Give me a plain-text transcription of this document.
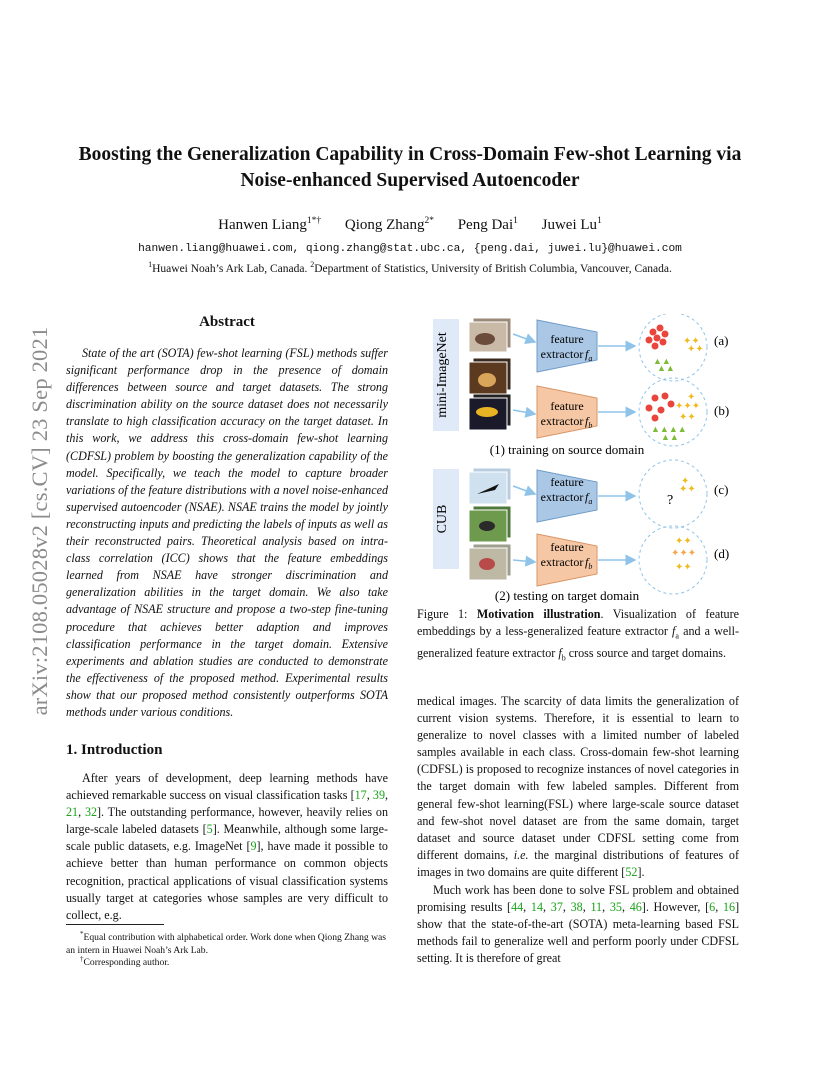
arXiv:2108.05028v2 [cs.CV] 23 Sep 2021
Boosting the Generalization Capability in Cross-Domain Few-shot Learning via
Noise-enhanced Supervised Autoencoder
Hanwen Liang$^{1*\dagger}$ Qiong Zhang$^{2*}$ Peng Dai$^1$ Juwei Lu$^1$
hanwen.liang@huawei.com, qiong.zhang@stat.ubc.ca, {peng.dai, juwei.lu}@huawei.com
$^1$Huawei Noah’s Ark Lab, Canada. $^2$Department of Statistics, University of British Columbia, Vancouver, Canada.
Abstract

State of the art (SOTA) few-shot learning (FSL) methods suffer significant performance drop in the presence of domain differences between source and target datasets. The strong discrimination ability on the source dataset does not necessarily translate to high classification accuracy on the target dataset. In this work, we address this cross-domain few-shot learning (CDFSL) problem by boosting the generalization capability of the model. Specifically, we teach the model to capture broader variations of the feature distributions with a novel noise-enhanced supervised autoencoder (NSAE). NSAE trains the model by jointly reconstructing inputs and predicting the labels of inputs as well as their reconstructed pairs. Theoretical analysis based on intra-class correlation (ICC) shows that the feature embeddings learned from NSAE have stronger discrimination and generalization abilities in the target domain. We also take advantage of NSAE structure and propose a two-step fine-tuning procedure that achieves better adaption and improves classification performance in the target domain. Extensive experiments and ablation studies are conducted to demonstrate the effectiveness of the proposed method. Experimental results show that our proposed method consistently outperforms SOTA methods under various conditions.

1. Introduction

After years of development, deep learning methods have achieved remarkable success on visual classification tasks [17, 39, 21, 32]. The outstanding performance, however, heavily relies on large-scale labeled datasets [5]. Meanwhile, although some large-scale public datasets, e.g. ImageNet [9], have made it possible to achieve better than human performance on common objects recognition, practical applications of visual classification systems usually target at categories whose samples are very difficult to collect, e.g.

*Equal contribution with alphabetical order. Work done when Qiong Zhang was an intern in Huawei Noah’s Ark Lab.

†Corresponding author.

mini-ImageNet
CUB
feature
extractor $f_a$
feature
extractor $f_b$
feature
extractor $f_a$
feature
extractor $f_b$
✦✦
✦✦
▲▲
▲▲
✦✦✦
✦✦
✦
▲▲▲▲
▲▲
✦✦
✦
?
✦✦
✦✦✦
✦✦
(a)
(b)
(c)
(d)
(1) training on source domain
(2) testing on target domain

Figure 1: Motivation illustration. Visualization of feature embeddings by a less-generalized feature extractor $f_a$ and a well-generalized feature extractor $f_b$ cross source and target domains.

medical images. The scarcity of data limits the generalization of current vision systems. Therefore, it is essential to learn to generalize to novel classes with a limited number of labeled samples available in each class. Cross-domain few-shot learning (CDFSL) is proposed to recognize instances of novel categories in the target domain with few labeled samples. Different from general few-shot learning(FSL) where large-scale source dataset and few-shot novel dataset are from the same domain, target dataset and source dataset under CDFSL setting come from different domains, i.e. the marginal distributions of features of images in two domains are quite different [52].

Much work has been done to solve FSL problem and obtained promising results [44, 14, 37, 38, 11, 35, 46]. However, [6, 16] show that the state-of-the-art (SOTA) meta-learning based FSL methods fail to generalize well and perform poorly under CDFSL setting. It is therefore of great
